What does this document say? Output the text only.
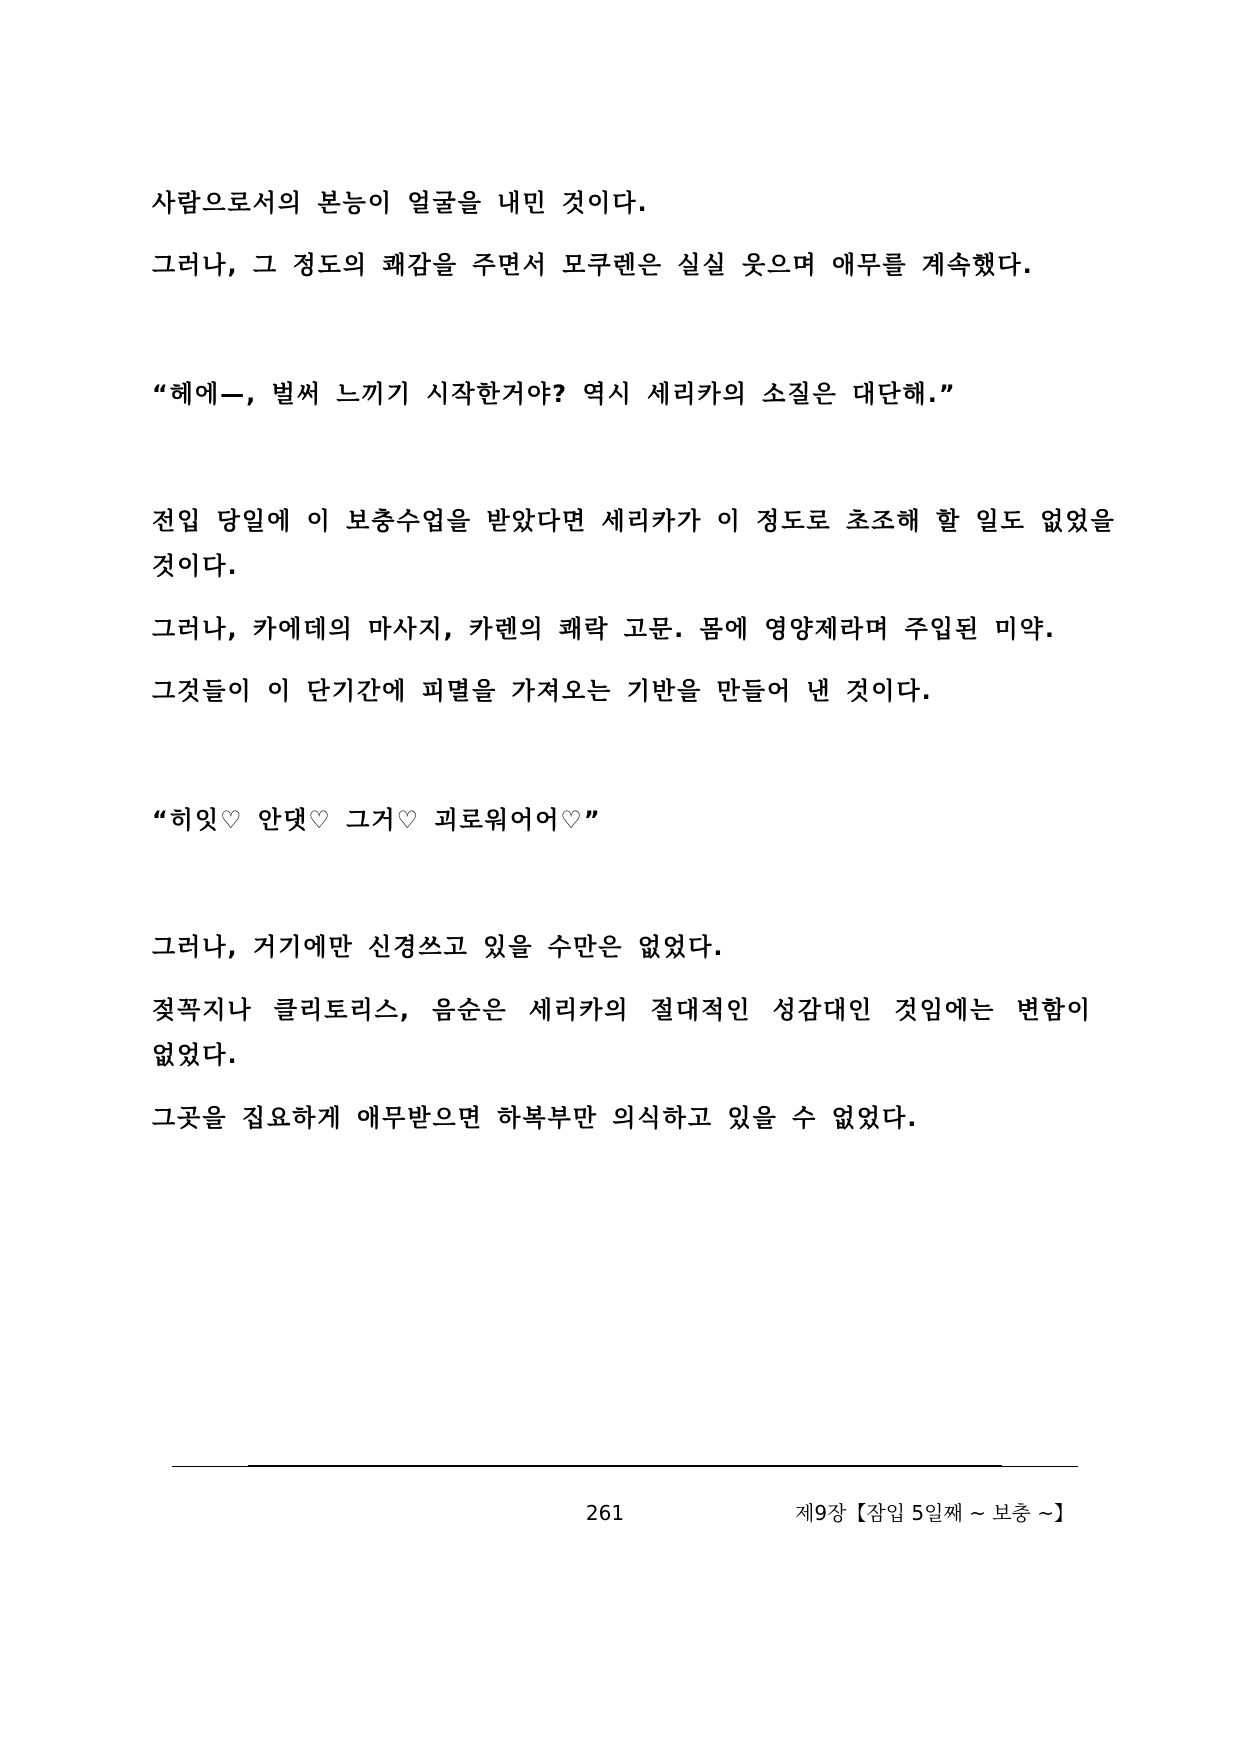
사람으로서의 본능이 얼굴을 내민 것이다.

그러나, 그 정도의 쾌감을 주면서 모쿠렌은 실실 웃으며 애무를 계속했다.

“헤에—, 벌써 느끼기 시작한거야? 역시 세리카의 소질은 대단해.”

전입 당일에 이 보충수업을 받았다면 세리카가 이 정도로 초조해 할 일도 없었을

것이다.

그러나, 카에데의 마사지, 카렌의 쾌락 고문. 몸에 영양제라며 주입된 미약.

그것들이 이 단기간에 피멸을 가져오는 기반을 만들어 낸 것이다.

“히잇♡ 안댓♡ 그거♡ 괴로워어어♡”

그러나, 거기에만 신경쓰고 있을 수만은 없었다.

젖꼭지나 클리토리스, 음순은 세리카의 절대적인 성감대인 것임에는 변함이

없었다.

그곳을 집요하게 애무받으면 하복부만 의식하고 있을 수 없었다.

261	제9장【잠입 5일째 ~ 보충 ~】
